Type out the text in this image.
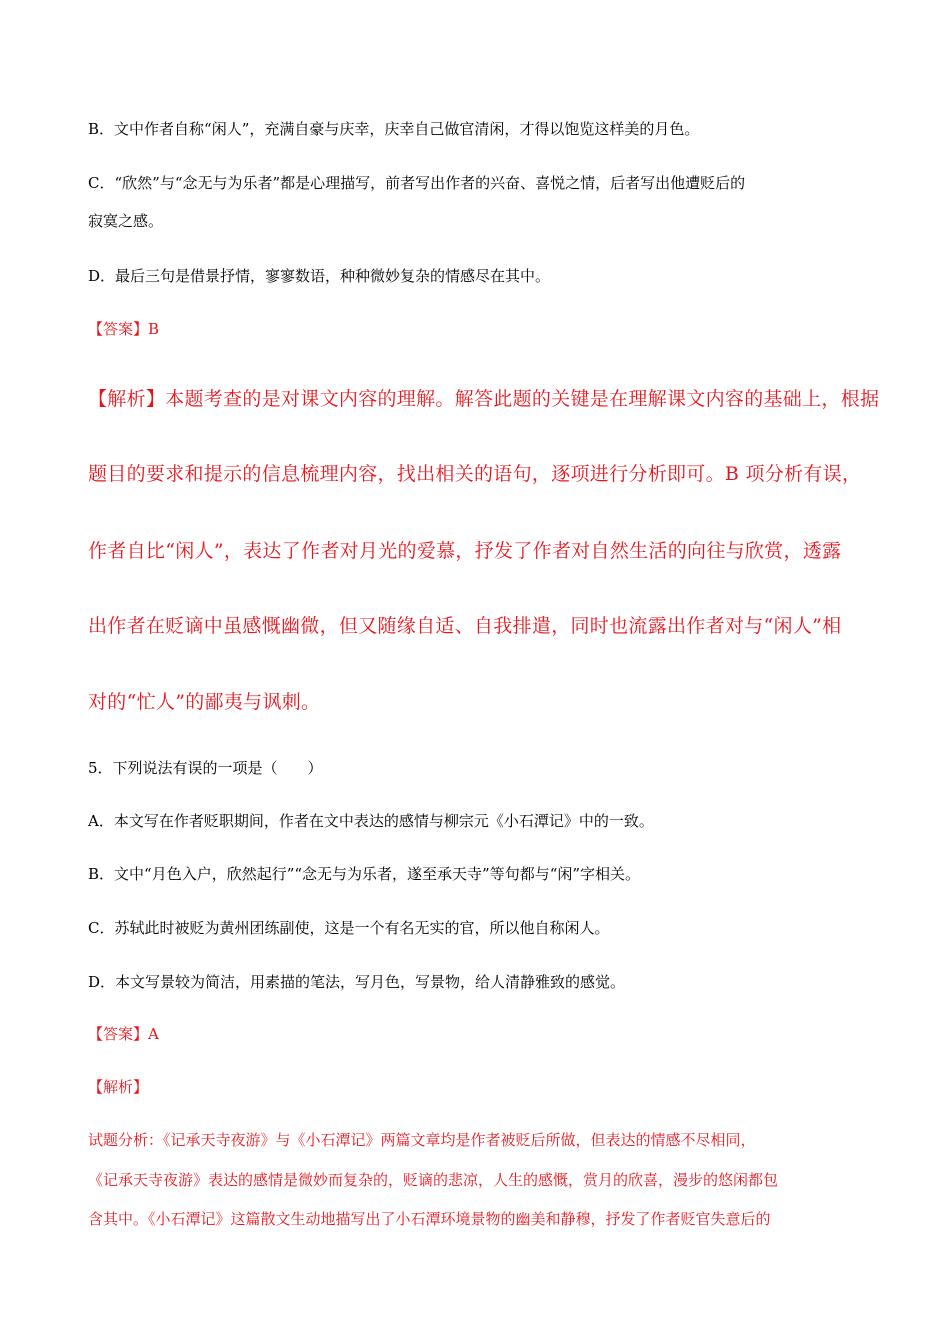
B．文中作者自称“闲人”，充满自豪与庆幸，庆幸自己做官清闲，才得以饱览这样美的月色。
C．“欣然”与“念无与为乐者”都是心理描写，前者写出作者的兴奋、喜悦之情，后者写出他遭贬后的
寂寞之感。
D．最后三句是借景抒情，寥寥数语，种种微妙复杂的情感尽在其中。
【答案】B
【解析】本题考查的是对课文内容的理解。解答此题的关键是在理解课文内容的基础上，根据
题目的要求和提示的信息梳理内容，找出相关的语句，逐项进行分析即可。B 项分析有误，
作者自比“闲人”，表达了作者对月光的爱慕，抒发了作者对自然生活的向往与欣赏，透露
出作者在贬谪中虽感慨幽微，但又随缘自适、自我排遣，同时也流露出作者对与“闲人”相
对的“忙人”的鄙夷与讽刺。
5．下列说法有误的一项是（　　）
A．本文写在作者贬职期间，作者在文中表达的感情与柳宗元《小石潭记》中的一致。
B．文中“月色入户，欣然起行”“念无与为乐者，遂至承天寺”等句都与“闲”字相关。
C．苏轼此时被贬为黄州团练副使，这是一个有名无实的官，所以他自称闲人。
D．本文写景较为简洁，用素描的笔法，写月色，写景物，给人清静雅致的感觉。
【答案】A
【解析】
试题分析：《记承天寺夜游》与《小石潭记》两篇文章均是作者被贬后所做，但表达的情感不尽相同，
《记承天寺夜游》表达的感情是微妙而复杂的，贬谪的悲凉，人生的感慨，赏月的欣喜，漫步的悠闲都包
含其中。《小石潭记》这篇散文生动地描写出了小石潭环境景物的幽美和静穆，抒发了作者贬官失意后的
